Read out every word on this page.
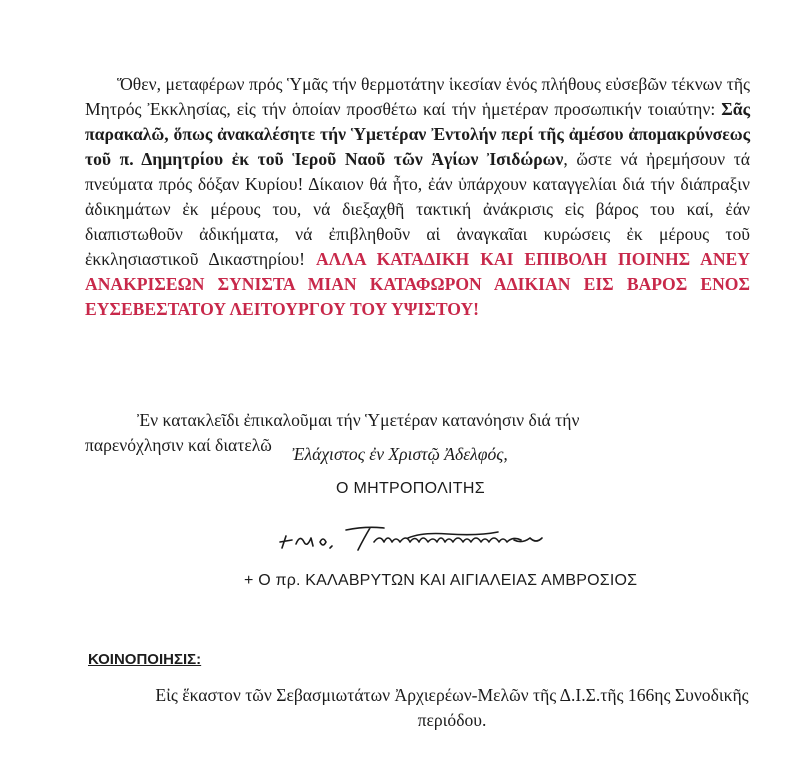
Ὅθεν, μεταφέρων πρός Ὑμᾶς τήν θερμοτάτην ἱκεσίαν ἑνός πλήθους εὐσεβῶν τέκνων τῆς Μητρός Ἐκκλησίας, εἰς τήν ὁποίαν προσθέτω καί τήν ἡμετέραν προσωπικήν τοιαύτην: Σᾶς παρακαλῶ, ὅπως ἀνακαλέσητε τήν Ὑμετέραν Ἐντολήν περί τῆς ἀμέσου ἀπομακρύνσεως τοῦ π. Δημητρίου ἐκ τοῦ Ἱεροῦ Ναοῦ τῶν Ἁγίων Ἰσιδώρων, ὥστε νά ἠρεμήσουν τά πνεύματα πρός δόξαν Κυρίου! Δίκαιον θά ἦτο, ἐάν ὑπάρχουν καταγγελίαι διά τήν διάπραξιν ἀδικημάτων ἐκ μέρους του, νά διεξαχθῆ τακτική ἀνάκρισις εἰς βάρος του καί, ἐάν διαπιστωθοῦν ἀδικήματα, νά ἐπιβληθοῦν αἱ ἀναγκαῖαι κυρώσεις ἐκ μέρους τοῦ ἐκκλησιαστικοῦ Δικαστηρίου! ΑΛΛΑ ΚΑΤΑΔΙΚΗ ΚΑΙ ΕΠΙΒΟΛΗ ΠΟΙΝΗΣ ΑΝΕΥ ΑΝΑΚΡΙΣΕΩΝ ΣΥΝΙΣΤΑ ΜΙΑΝ ΚΑΤΑΦΩΡΟΝ ΑΔΙΚΙΑΝ ΕΙΣ ΒΑΡΟΣ ΕΝΟΣ ΕΥΣΕΒΕΣΤΑΤΟΥ ΛΕΙΤΟΥΡΓΟΥ ΤΟΥ ΥΨΙΣΤΟΥ!

Ἐν κατακλεῖδι ἐπικαλοῦμαι τήν Ὑμετέραν κατανόησιν διά τήν
παρενόχλησιν καί διατελῶ	Ἐλάχιστος ἐν Χριστῷ Ἀδελφός,
Ο ΜΗΤΡΟΠΟΛΙΤΗΣ
+ Ο πρ. ΚΑΛΑΒΡΥΤΩΝ ΚΑΙ ΑΙΓΙΑΛΕΙΑΣ ΑΜΒΡΟΣΙΟΣ
ΚΟΙΝΟΠΟΙΗΣΙΣ:
Εἰς ἕκαστον τῶν Σεβασμιωτάτων Ἀρχιερέων-Μελῶν τῆς Δ.Ι.Σ.τῆς 166ης Συνοδικῆς περιόδου.
